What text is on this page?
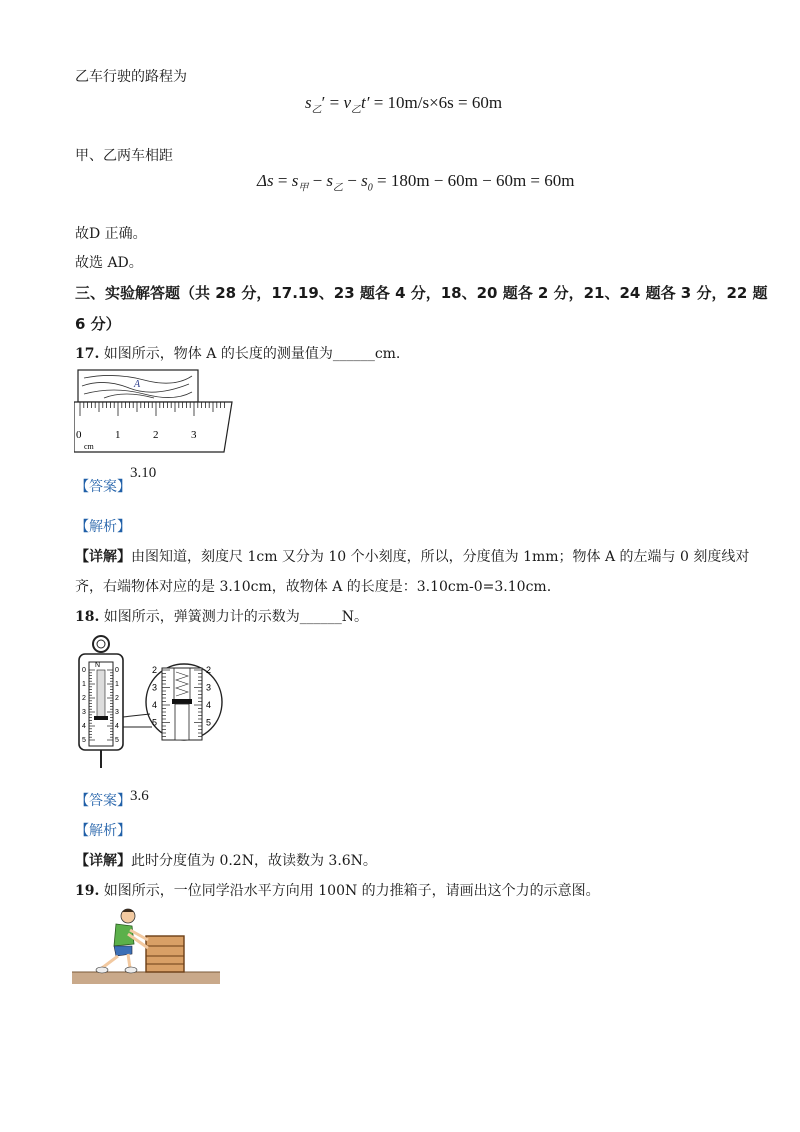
乙车行驶的路程为
$s_乙' = v_乙t' = 10m/s\times 6s = 60m$
甲、乙两车相距
$\Delta s = s_甲 - s_乙 - s_0 = 180m - 60m - 60m = 60m$
故D 正确。
故选 AD。
三、实验解答题（共 28 分，17.19、23 题各 4 分，18、20 题各 2 分，21、24 题各 3 分，22 题
6 分）
17. 如图所示，物体 A 的长度的测量值为______cm.
A
0	1	2	3
cm
【答案】
3.10
【解析】
【详解】由图知道，刻度尺 1cm 又分为 10 个小刻度，所以，分度值为 1mm；物体 A 的左端与 0 刻度线对
齐，右端物体对应的是 3.10cm，故物体 A 的长度是：3.10cm-0=3.10cm.
18. 如图所示，弹簧测力计的示数为______N。
N
0	0
1	1
2	2
3	3
4	4
5	5
2	2
3	3
4	4
5	5
【答案】 3.6
【解析】
【详解】此时分度值为 0.2N，故读数为 3.6N。
19. 如图所示，一位同学沿水平方向用 100N 的力推箱子，请画出这个力的示意图。
